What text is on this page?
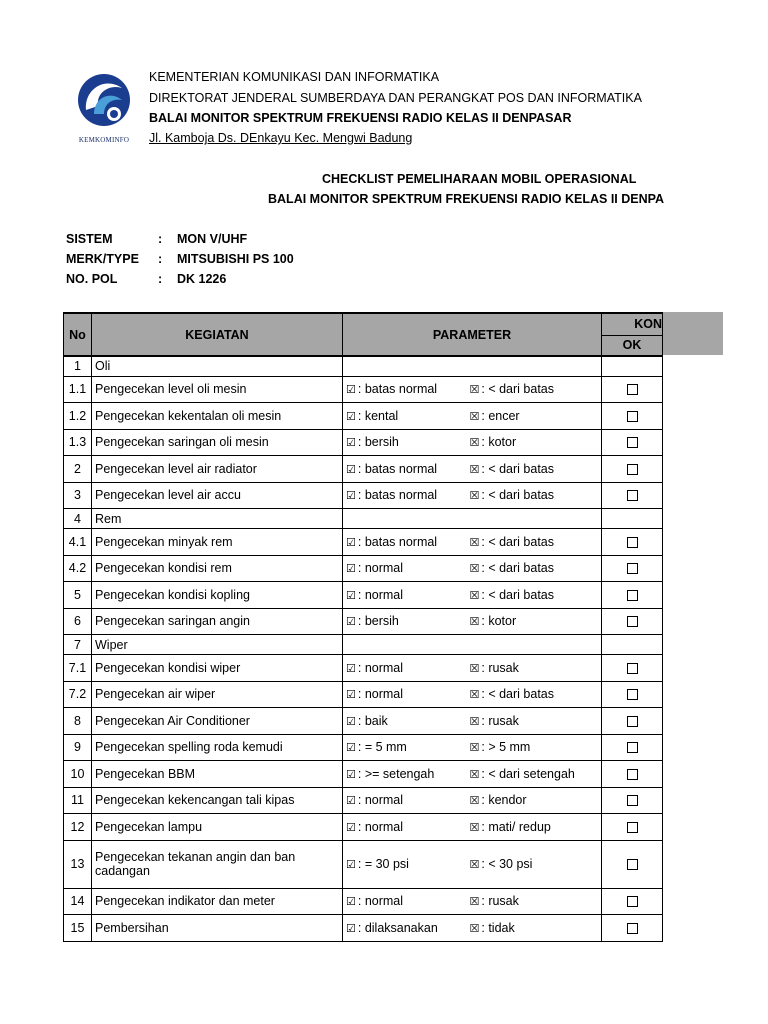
KEMKOMINFO
KEMENTERIAN KOMUNIKASI DAN INFORMATIKA
DIREKTORAT JENDERAL SUMBERDAYA DAN PERANGKAT POS DAN INFORMATIKA
BALAI MONITOR SPEKTRUM FREKUENSI RADIO KELAS II DENPASAR
Jl. Kamboja Ds. DEnkayu Kec. Mengwi Badung
CHECKLIST PEMELIHARAAN MOBIL OPERASIONAL
BALAI MONITOR SPEKTRUM FREKUENSI RADIO KELAS II DENPA
SISTEM	: MON V/UHF
MERK/TYPE : MITSUBISHI PS 100
NO. POL	: DK 1226
No	KEGIATAN	PARAMETER		KON
				OK
1	Oli			
1.1	Pengecekan level oli mesin	☑ : batas normal	☒ : < dari batas	
1.2	Pengecekan kekentalan oli mesin	☑ : kental	☒ : encer	
1.3	Pengecekan saringan oli mesin	☑ : bersih	☒ : kotor	
2	Pengecekan level air radiator	☑ : batas normal	☒ : < dari batas	
3	Pengecekan level air accu	☑ : batas normal	☒ : < dari batas	
4	Rem			
4.1	Pengecekan minyak rem	☑ : batas normal	☒ : < dari batas	
4.2	Pengecekan kondisi rem	☑ : normal	☒ : < dari batas	
5	Pengecekan kondisi kopling	☑ : normal	☒ : < dari batas	
6	Pengecekan saringan angin	☑ : bersih	☒ : kotor	
7	Wiper			
7.1	Pengecekan kondisi wiper	☑ : normal	☒ : rusak	
7.2	Pengecekan air wiper	☑ : normal	☒ : < dari batas	
8	Pengecekan Air Conditioner	☑ : baik	☒ : rusak	
9	Pengecekan spelling roda kemudi	☑ : = 5 mm	☒ : > 5 mm	
10	Pengecekan BBM	☑ : >= setengah	☒ : < dari setengah	
11	Pengecekan kekencangan tali kipas	☑ : normal	☒ : kendor	
12	Pengecekan lampu	☑ : normal	☒ : mati/ redup	
13	Pengecekan tekanan angin dan ban cadangan	☑ : = 30 psi	☒ : < 30 psi	
14	Pengecekan indikator dan meter	☑ : normal	☒ : rusak	
15	Pembersihan	☑ : dilaksanakan	☒ : tidak	
